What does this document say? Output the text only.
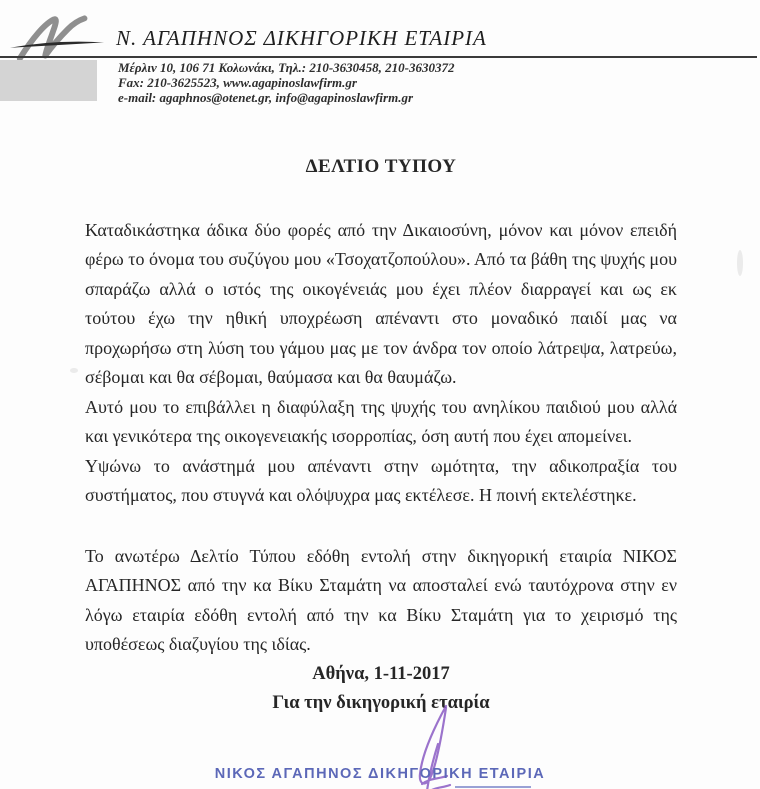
Ν. ΑΓΑΠΗΝΟΣ ΔΙΚΗΓΟΡΙΚΗ ΕΤΑΙΡΙΑ
Μέρλιν 10, 106 71 Κολωνάκι, Τηλ.: 210-3630458, 210-3630372
Fax: 210-3625523, www.agapinoslawfirm.gr
e-mail: agaphnos@otenet.gr, info@agapinoslawfirm.gr
ΔΕΛΤΙΟ ΤΥΠΟΥ

Καταδικάστηκα άδικα δύο φορές από την Δικαιοσύνη, μόνον και μόνον επειδή φέρω το όνομα του συζύγου μου «Τσοχατζοπούλου». Από τα βάθη της ψυχής μου σπαράζω αλλά ο ιστός της οικογένειάς μου έχει πλέον διαρραγεί και ως εκ τούτου έχω την ηθική υποχρέωση απέναντι στο μοναδικό παιδί μας να προχωρήσω στη λύση του γάμου μας με τον άνδρα τον οποίο λάτρεψα, λατρεύω, σέβομαι και θα σέβομαι, θαύμασα και θα θαυμάζω.

Αυτό μου το επιβάλλει η διαφύλαξη της ψυχής του ανηλίκου παιδιού μου αλλά και γενικότερα της οικογενειακής ισορροπίας, όση αυτή που έχει απομείνει.

Υψώνω το ανάστημά μου απέναντι στην ωμότητα, την αδικοπραξία του συστήματος, που στυγνά και ολόψυχρα μας εκτέλεσε. Η ποινή εκτελέστηκε.

Το ανωτέρω Δελτίο Τύπου εδόθη εντολή στην δικηγορική εταιρία ΝΙΚΟΣ ΑΓΑΠΗΝΟΣ από την κα Βίκυ Σταμάτη να αποσταλεί ενώ ταυτόχρονα στην εν λόγω εταιρία εδόθη εντολή από την κα Βίκυ Σταμάτη για το χειρισμό της υποθέσεως διαζυγίου της ιδίας.

Αθήνα, 1-11-2017

Για την δικηγορική εταιρία

ΝΙΚΟΣ ΑΓΑΠΗΝΟΣ ΔΙΚΗΓΟΡΙΚΗ ΕΤΑΙΡΙΑ
